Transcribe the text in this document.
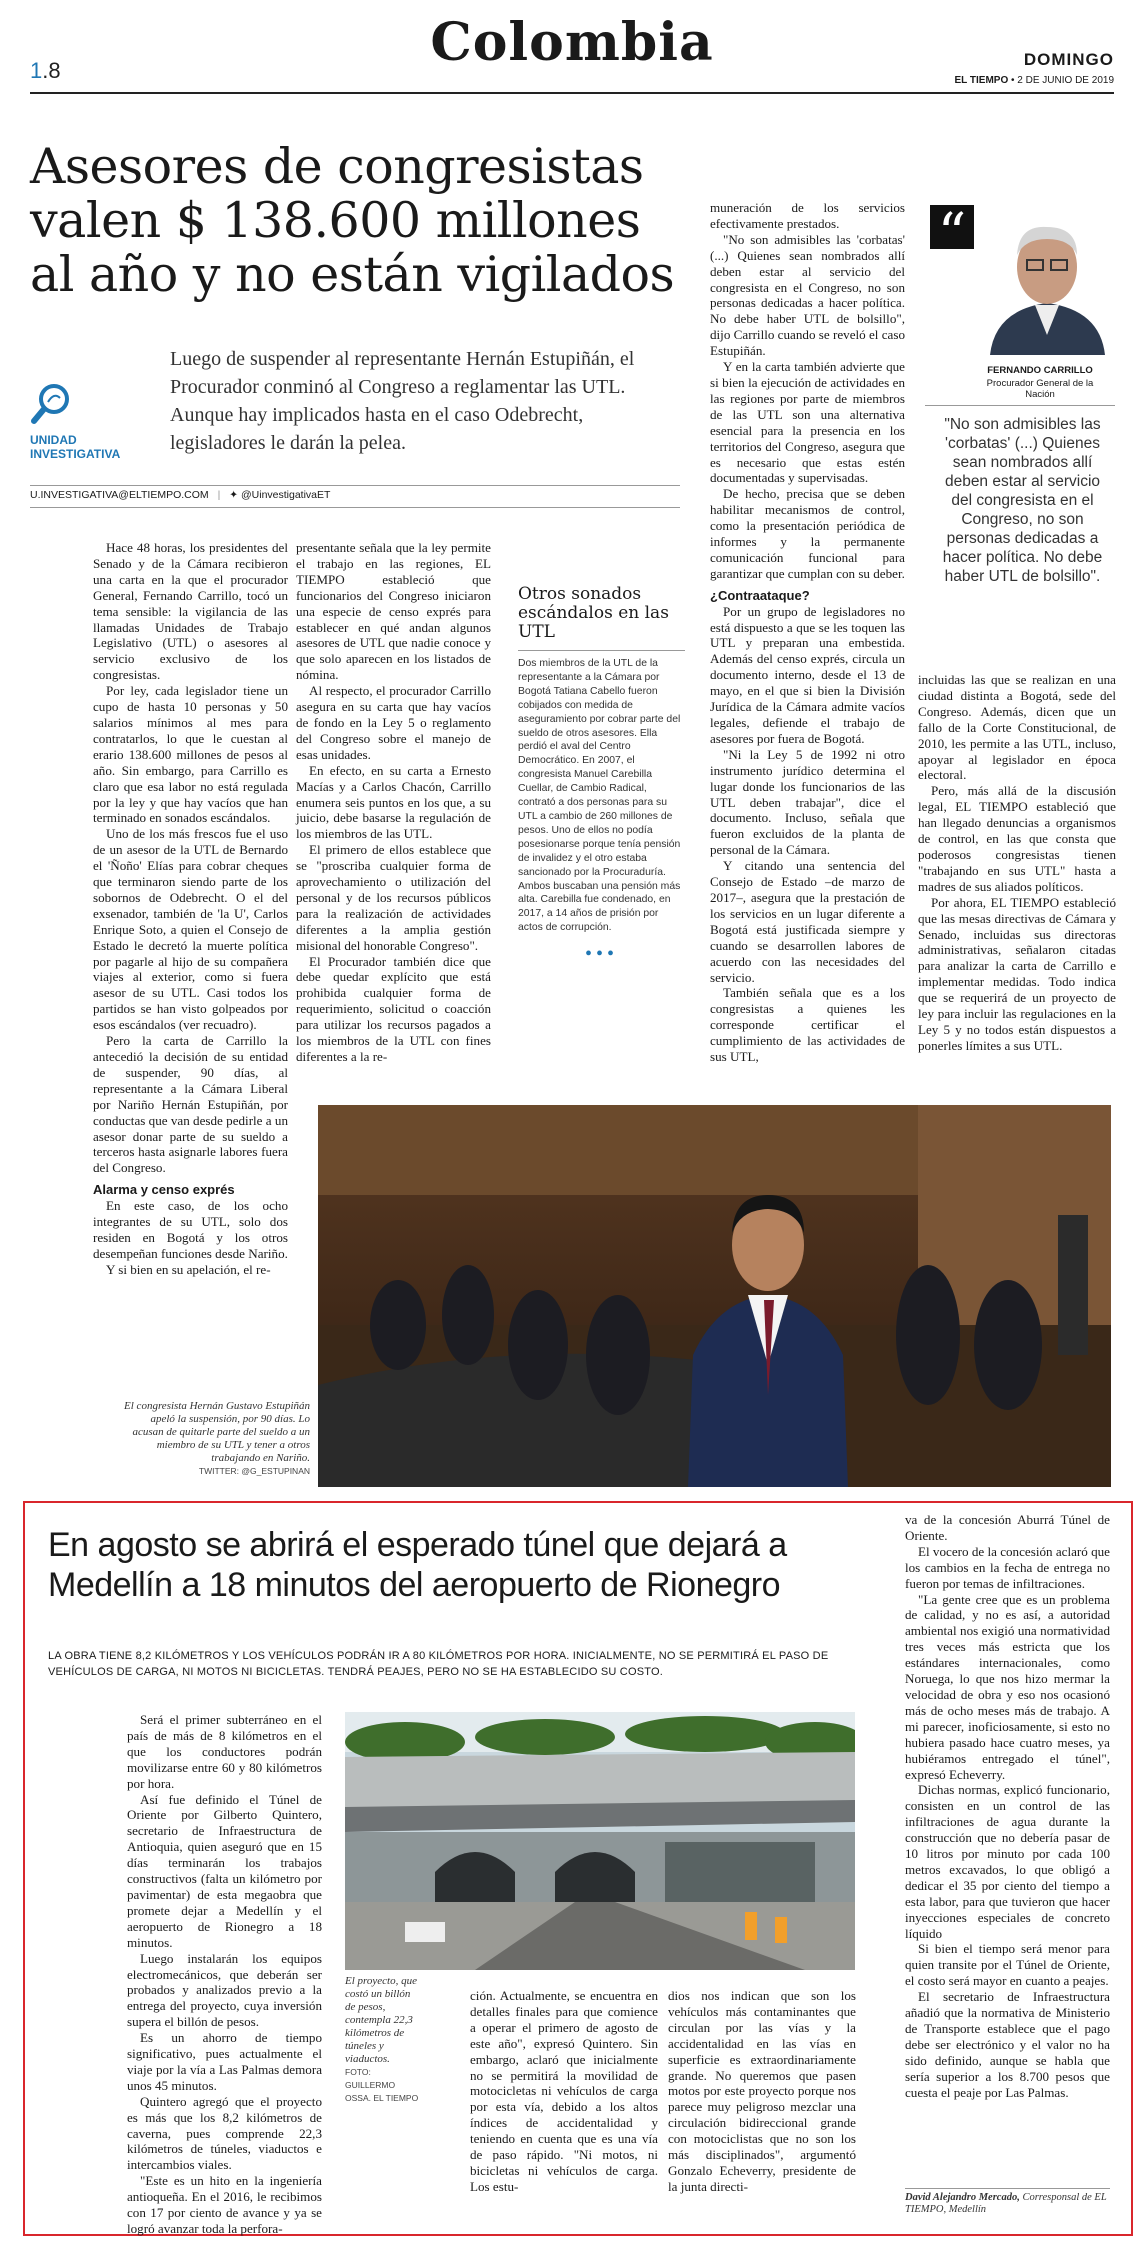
1.8	Colombia	DOMINGO
EL TIEMPO • 2 DE JUNIO DE 2019
Asesores de congresistas valen $ 138.600 millones al año y no están vigilados
UNIDAD
INVESTIGATIVA

Luego de suspender al representante Hernán Estupiñán, el Procurador conminó al Congreso a reglamentar las UTL. Aunque hay implicados hasta en el caso Odebrecht, legisladores le darán la pelea.

U.INVESTIGATIVA@ELTIEMPO.COM | ✦ @UinvestigativaET

Hace 48 horas, los presidentes del Senado y de la Cámara recibieron una carta en la que el procurador General, Fernando Carrillo, tocó un tema sensible: la vigilancia de las llamadas Unidades de Trabajo Legislativo (UTL) o asesores al servicio exclusivo de los congresistas.

Por ley, cada legislador tiene un cupo de hasta 10 personas y 50 salarios mínimos al mes para contratarlos, lo que le cuestan al erario 138.600 millones de pesos al año. Sin embargo, para Carrillo es claro que esa labor no está regulada por la ley y que hay vacíos que han terminado en sonados escándalos.

Uno de los más frescos fue el uso de un asesor de la UTL de Bernardo el 'Ñoño' Elías para cobrar cheques que terminaron siendo parte de los sobornos de Odebrecht. O el del exsenador, también de 'la U', Carlos Enrique Soto, a quien el Consejo de Estado le decretó la muerte política por pagarle al hijo de su compañera viajes al exterior, como si fuera asesor de su UTL. Casi todos los partidos se han visto golpeados por esos escándalos (ver recuadro).

Pero la carta de Carrillo la antecedió la decisión de su entidad de suspender, 90 días, al representante a la Cámara Liberal por Nariño Hernán Estupiñán, por conductas que van desde pedirle a un asesor donar parte de su sueldo a terceros hasta asignarle labores fuera del Congreso.

Alarma y censo exprés

En este caso, de los ocho integrantes de su UTL, solo dos residen en Bogotá y los otros desempeñan funciones desde Nariño.

Y si bien en su apelación, el re-

presentante señala que la ley permite el trabajo en las regiones, EL TIEMPO estableció que funcionarios del Congreso iniciaron una especie de censo exprés para establecer en qué andan algunos asesores de UTL que nadie conoce y que solo aparecen en los listados de nómina.

Al respecto, el procurador Carrillo asegura en su carta que hay vacíos de fondo en la Ley 5 o reglamento del Congreso sobre el manejo de esas unidades.

En efecto, en su carta a Ernesto Macías y a Carlos Chacón, Carrillo enumera seis puntos en los que, a su juicio, debe basarse la regulación de los miembros de las UTL.

El primero de ellos establece que se "proscriba cualquier forma de aprovechamiento o utilización del personal y de los recursos públicos para la realización de actividades diferentes a la amplia gestión misional del honorable Congreso".

El Procurador también dice que debe quedar explícito que está prohibida cualquier forma de requerimiento, solicitud o coacción para utilizar los recursos pagados a los miembros de la UTL con fines diferentes a la re-

Otros sonados escándalos en las UTL

Dos miembros de la UTL de la representante a la Cámara por Bogotá Tatiana Cabello fueron cobijados con medida de aseguramiento por cobrar parte del sueldo de otros asesores. Ella perdió el aval del Centro Democrático. En 2007, el congresista Manuel Carebilla Cuellar, de Cambio Radical, contrató a dos personas para su UTL a cambio de 260 millones de pesos. Uno de ellos no podía posesionarse porque tenía pensión de invalidez y el otro estaba sancionado por la Procuraduría. Ambos buscaban una pensión más alta. Carebilla fue condenado, en 2017, a 14 años de prisión por actos de corrupción.

•••

muneración de los servicios efectivamente prestados.

"No son admisibles las 'corbatas' (...) Quienes sean nombrados allí deben estar al servicio del congresista en el Congreso, no son personas dedicadas a hacer política. No debe haber UTL de bolsillo", dijo Carrillo cuando se reveló el caso Estupiñán.

Y en la carta también advierte que si bien la ejecución de actividades en las regiones por parte de miembros de las UTL son una alternativa esencial para la presencia en los territorios del Congreso, asegura que es necesario que estas estén documentadas y supervisadas.

De hecho, precisa que se deben habilitar mecanismos de control, como la presentación periódica de informes y la permanente comunicación funcional para garantizar que cumplan con su deber.

¿Contraataque?

Por un grupo de legisladores no está dispuesto a que se les toquen las UTL y preparan una embestida. Además del censo exprés, circula un documento interno, desde el 13 de mayo, en el que si bien la División Jurídica de la Cámara admite vacíos legales, defiende el trabajo de asesores por fuera de Bogotá.

"Ni la Ley 5 de 1992 ni otro instrumento jurídico determina el lugar donde los funcionarios de las UTL deben trabajar", dice el documento. Incluso, señala que fueron excluidos de la planta de personal de la Cámara.

Y citando una sentencia del Consejo de Estado –de marzo de 2017–, asegura que la prestación de los servicios en un lugar diferente a Bogotá está justificada siempre y cuando se desarrollen labores de acuerdo con las necesidades del servicio.

También señala que es a los congresistas a quienes les corresponde certificar el cumplimiento de las actividades de sus UTL,

“
FERNANDO CARRILLO
Procurador General de la Nación

"No son admisibles las 'corbatas' (...) Quienes sean nombrados allí deben estar al servicio del congresista en el Congreso, no son personas dedicadas a hacer política. No debe haber UTL de bolsillo".

incluidas las que se realizan en una ciudad distinta a Bogotá, sede del Congreso. Además, dicen que un fallo de la Corte Constitucional, de 2010, les permite a las UTL, incluso, apoyar al legislador en época electoral.

Pero, más allá de la discusión legal, EL TIEMPO estableció que han llegado denuncias a organismos de control, en las que consta que poderosos congresistas tienen "trabajando en sus UTL" hasta a madres de sus aliados políticos.

Por ahora, EL TIEMPO estableció que las mesas directivas de Cámara y Senado, incluidas sus directoras administrativas, señalaron citadas para analizar la carta de Carrillo e implementar medidas. Todo indica que se requerirá de un proyecto de ley para incluir las regulaciones en la Ley 5 y no todos están dispuestos a ponerles límites a sus UTL.

El congresista Hernán Gustavo Estupiñán apeló la suspensión, por 90 días. Lo acusan de quitarle parte del sueldo a un miembro de su UTL y tener a otros trabajando en Nariño.
TWITTER: @G_ESTUPINAN
En agosto se abrirá el esperado túnel que dejará a Medellín a 18 minutos del aeropuerto de Rionegro

LA OBRA TIENE 8,2 KILÓMETROS Y LOS VEHÍCULOS PODRÁN IR A 80 KILÓMETROS POR HORA. INICIALMENTE, NO SE PERMITIRÁ EL PASO DE VEHÍCULOS DE CARGA, NI MOTOS NI BICICLETAS. TENDRÁ PEAJES, PERO NO SE HA ESTABLECIDO SU COSTO.

Será el primer subterráneo en el país de más de 8 kilómetros en el que los conductores podrán movilizarse entre 60 y 80 kilómetros por hora.

Así fue definido el Túnel de Oriente por Gilberto Quintero, secretario de Infraestructura de Antioquia, quien aseguró que en 15 días terminarán los trabajos constructivos (falta un kilómetro por pavimentar) de esta megaobra que promete dejar a Medellín y el aeropuerto de Rionegro a 18 minutos.

Luego instalarán los equipos electromecánicos, que deberán ser probados y analizados previo a la entrega del proyecto, cuya inversión supera el billón de pesos.

Es un ahorro de tiempo significativo, pues actualmente el viaje por la vía a Las Palmas demora unos 45 minutos.

Quintero agregó que el proyecto es más que los 8,2 kilómetros de caverna, pues comprende 22,3 kilómetros de túneles, viaductos e intercambios viales.

"Este es un hito en la ingeniería antioqueña. En el 2016, le recibimos con 17 por ciento de avance y ya se logró avanzar toda la perfora-

El proyecto, que costó un billón de pesos, contempla 22,3 kilómetros de túneles y viaductos.
FOTO: GUILLERMO OSSA. EL TIEMPO

ción. Actualmente, se encuentra en detalles finales para que comience a operar el primero de agosto de este año", expresó Quintero. Sin embargo, aclaró que inicialmente no se permitirá la movilidad de motocicletas ni vehículos de carga por esta vía, debido a los altos índices de accidentalidad y teniendo en cuenta que es una vía de paso rápido. "Ni motos, ni bicicletas ni vehículos de carga. Los estu-

dios nos indican que son los vehículos más contaminantes que circulan por las vías y la accidentalidad en las vías en superficie es extraordinariamente grande. No queremos que pasen motos por este proyecto porque nos parece muy peligroso mezclar una circulación bidireccional grande con motociclistas que no son los más disciplinados", argumentó Gonzalo Echeverry, presidente de la junta directi-

va de la concesión Aburrá Túnel de Oriente.

El vocero de la concesión aclaró que los cambios en la fecha de entrega no fueron por temas de infiltraciones.

"La gente cree que es un problema de calidad, y no es así, a autoridad ambiental nos exigió una normatividad tres veces más estricta que los estándares internacionales, como Noruega, lo que nos hizo mermar la velocidad de obra y eso nos ocasionó más de ocho meses más de trabajo. A mi parecer, inoficiosamente, si esto no hubiera pasado hace cuatro meses, ya hubiéramos entregado el túnel", expresó Echeverry.

Dichas normas, explicó funcionario, consisten en un control de las infiltraciones de agua durante la construcción que no debería pasar de 10 litros por minuto por cada 100 metros excavados, lo que obligó a dedicar el 35 por ciento del tiempo a esta labor, para que tuvieron que hacer inyecciones especiales de concreto líquido

Si bien el tiempo será menor para quien transite por el Túnel de Oriente, el costo será mayor en cuanto a peajes.

El secretario de Infraestructura añadió que la normativa de Ministerio de Transporte establece que el pago debe ser electrónico y el valor no ha sido definido, aunque se habla que sería superior a los 8.700 pesos que cuesta el peaje por Las Palmas.

David Alejandro Mercado, Corresponsal de EL TIEMPO, Medellín
